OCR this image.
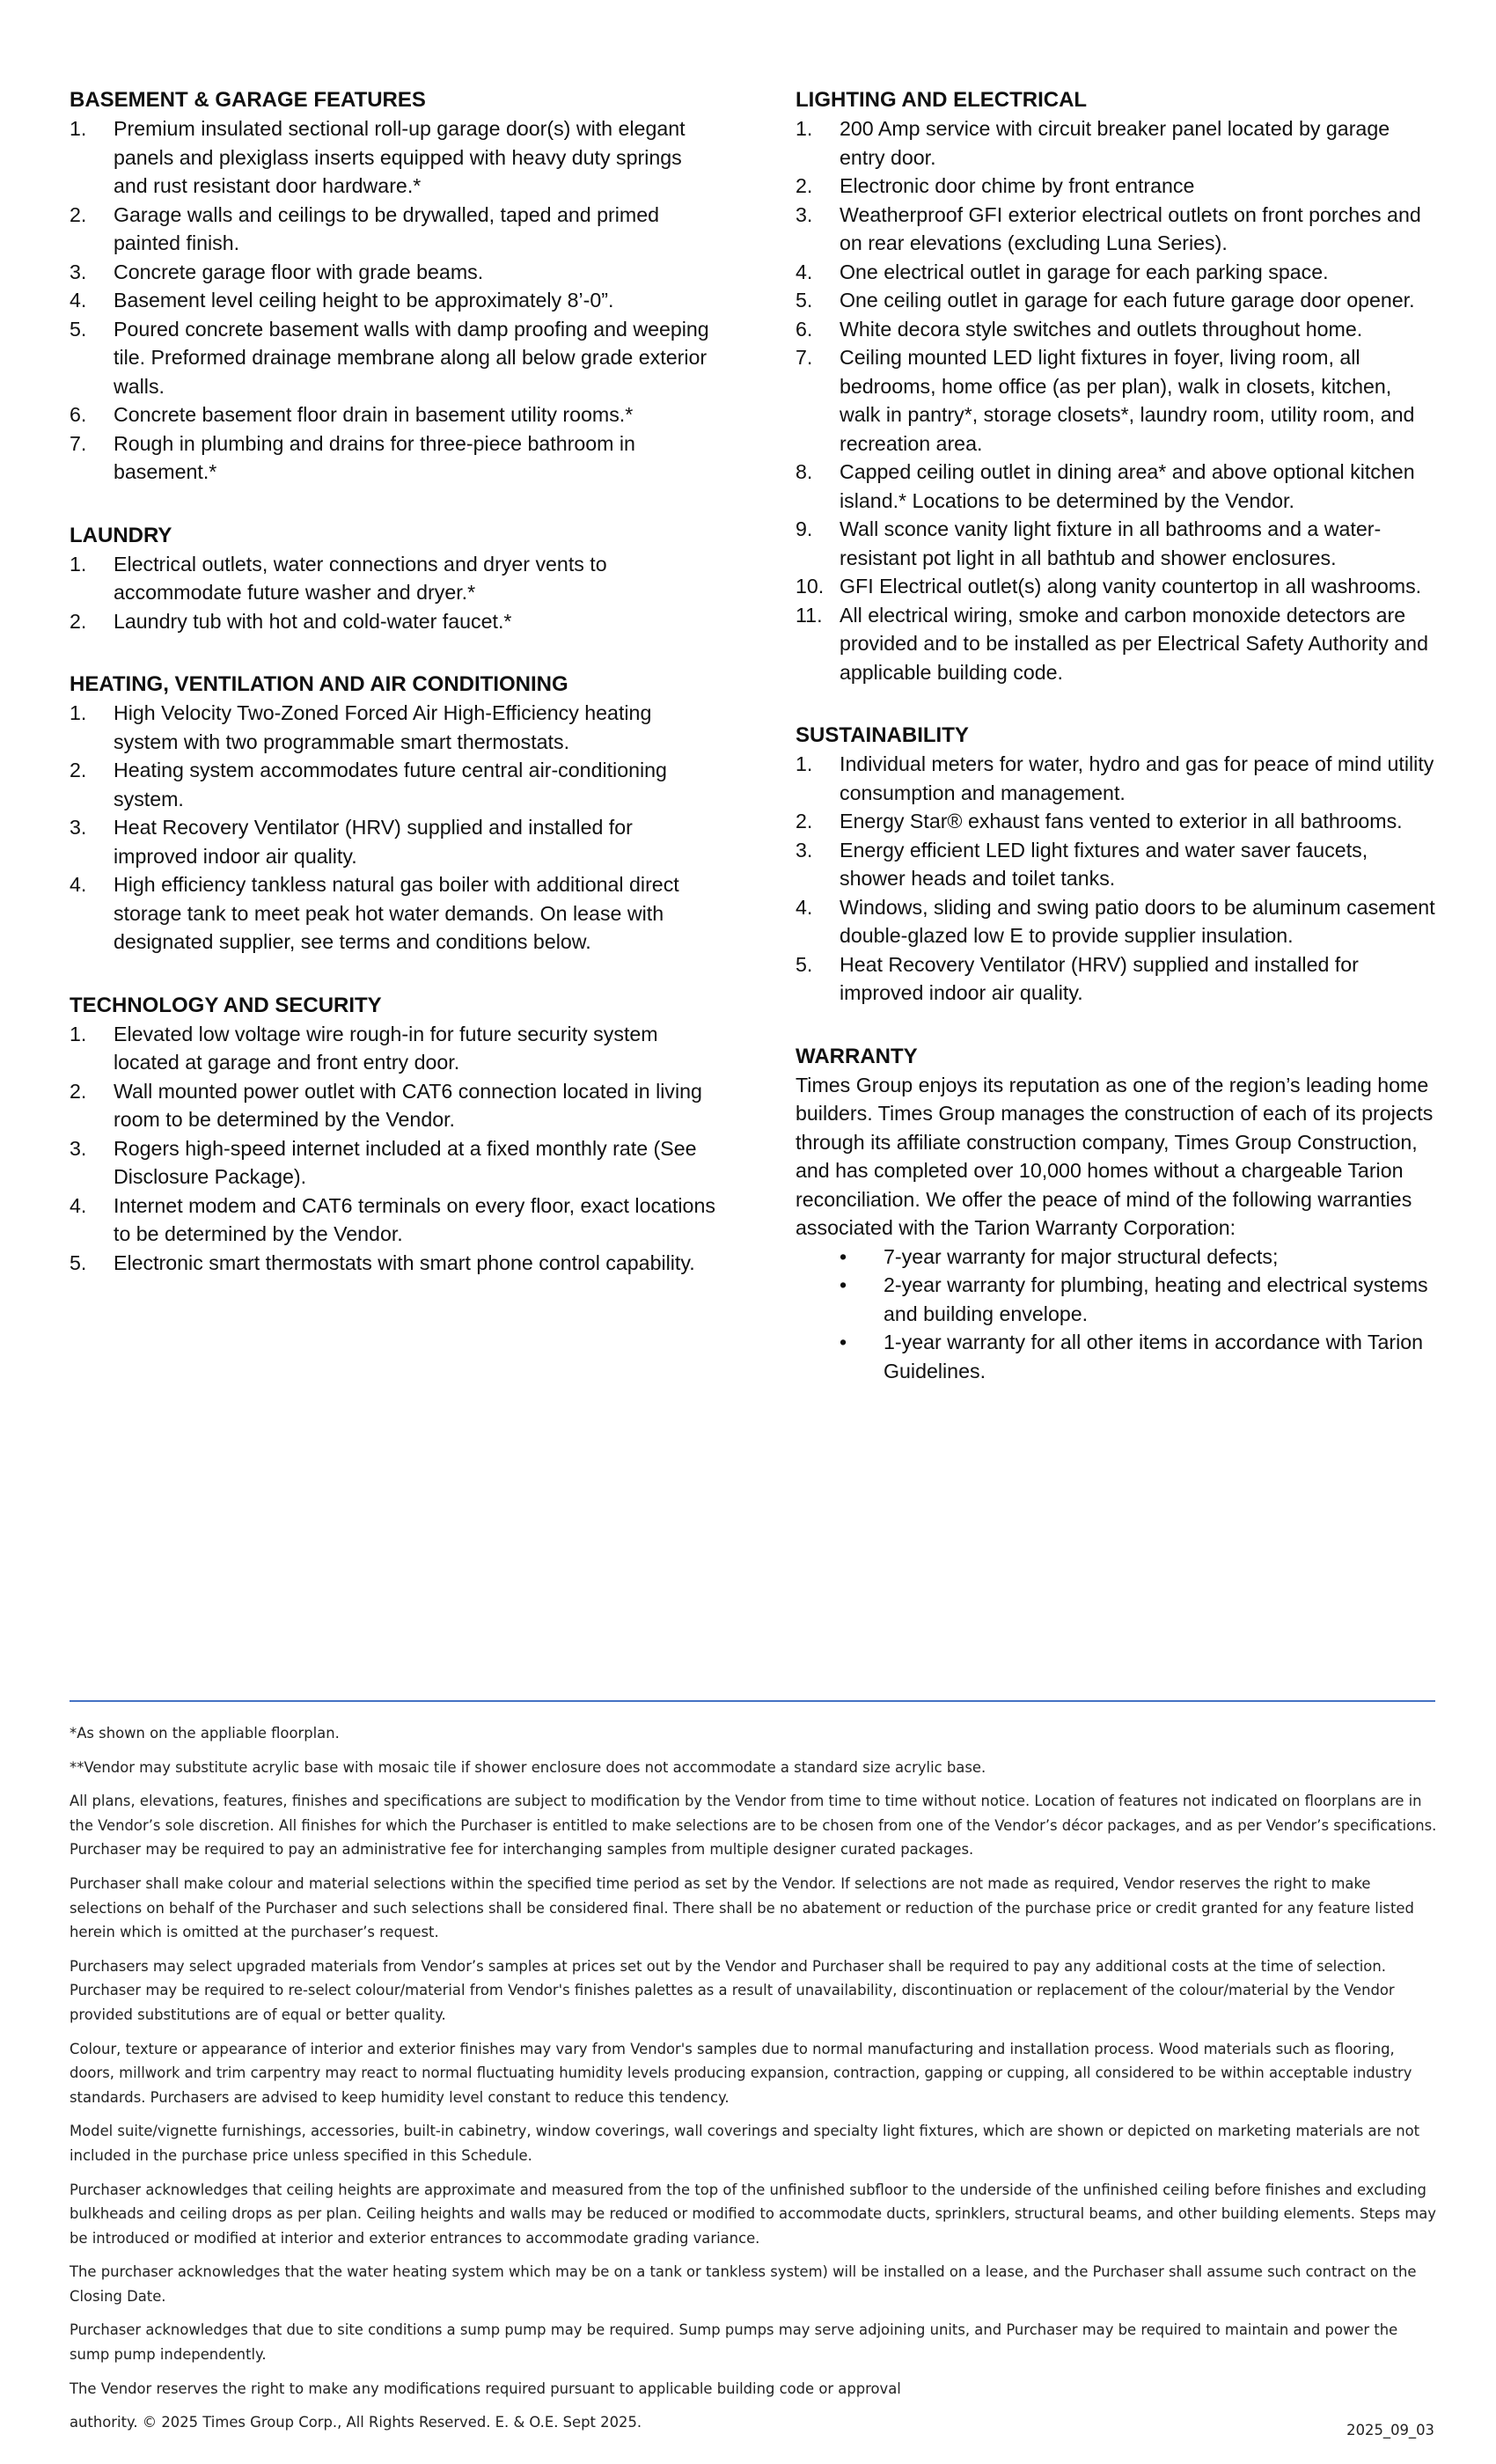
BASEMENT & GARAGE FEATURES
1. Premium insulated sectional roll-up garage door(s) with elegant panels and plexiglass inserts equipped with heavy duty springs and rust resistant door hardware.*
2. Garage walls and ceilings to be drywalled, taped and primed painted finish.
3. Concrete garage floor with grade beams.
4. Basement level ceiling height to be approximately 8’-0”.
5. Poured concrete basement walls with damp proofing and weeping tile. Preformed drainage membrane along all below grade exterior walls.
6. Concrete basement floor drain in basement utility rooms.*
7. Rough in plumbing and drains for three-piece bathroom in basement.*
LAUNDRY
1. Electrical outlets, water connections and dryer vents to accommodate future washer and dryer.*
2. Laundry tub with hot and cold-water faucet.*
HEATING, VENTILATION AND AIR CONDITIONING
1. High Velocity Two-Zoned Forced Air High-Efficiency heating system with two programmable smart thermostats.
2. Heating system accommodates future central air-conditioning system.
3. Heat Recovery Ventilator (HRV) supplied and installed for improved indoor air quality.
4. High efficiency tankless natural gas boiler with additional direct storage tank to meet peak hot water demands. On lease with designated supplier, see terms and conditions below.
TECHNOLOGY AND SECURITY
1. Elevated low voltage wire rough-in for future security system located at garage and front entry door.
2. Wall mounted power outlet with CAT6 connection located in living room to be determined by the Vendor.
3. Rogers high-speed internet included at a fixed monthly rate (See Disclosure Package).
4. Internet modem and CAT6 terminals on every floor, exact locations to be determined by the Vendor.
5. Electronic smart thermostats with smart phone control capability.
LIGHTING AND ELECTRICAL
1. 200 Amp service with circuit breaker panel located by garage entry door.
2. Electronic door chime by front entrance
3. Weatherproof GFI exterior electrical outlets on front porches and on rear elevations (excluding Luna Series).
4. One electrical outlet in garage for each parking space.
5. One ceiling outlet in garage for each future garage door opener.
6. White decora style switches and outlets throughout home.
7. Ceiling mounted LED light fixtures in foyer, living room, all bedrooms, home office (as per plan), walk in closets, kitchen, walk in pantry*, storage closets*, laundry room, utility room, and recreation area.
8. Capped ceiling outlet in dining area* and above optional kitchen island.* Locations to be determined by the Vendor.
9. Wall sconce vanity light fixture in all bathrooms and a water-resistant pot light in all bathtub and shower enclosures.
10. GFI Electrical outlet(s) along vanity countertop in all washrooms.
11. All electrical wiring, smoke and carbon monoxide detectors are provided and to be installed as per Electrical Safety Authority and applicable building code.
SUSTAINABILITY
1. Individual meters for water, hydro and gas for peace of mind utility consumption and management.
2. Energy Star® exhaust fans vented to exterior in all bathrooms.
3. Energy efficient LED light fixtures and water saver faucets, shower heads and toilet tanks.
4. Windows, sliding and swing patio doors to be aluminum casement double-glazed low E to provide supplier insulation.
5. Heat Recovery Ventilator (HRV) supplied and installed for improved indoor air quality.
WARRANTY

Times Group enjoys its reputation as one of the region’s leading home builders. Times Group manages the construction of each of its projects through its affiliate construction company, Times Group Construction, and has completed over 10,000 homes without a chargeable Tarion reconciliation. We offer the peace of mind of the following warranties associated with the Tarion Warranty Corporation:

• 7-year warranty for major structural defects;
• 2-year warranty for plumbing, heating and electrical systems and building envelope.
• 1-year warranty for all other items in accordance with Tarion Guidelines.

*As shown on the appliable floorplan.

**Vendor may substitute acrylic base with mosaic tile if shower enclosure does not accommodate a standard size acrylic base.

All plans, elevations, features, finishes and specifications are subject to modification by the Vendor from time to time without notice. Location of features not indicated on floorplans are in the Vendor’s sole discretion. All finishes for which the Purchaser is entitled to make selections are to be chosen from one of the Vendor’s décor packages, and as per Vendor’s specifications. Purchaser may be required to pay an administrative fee for interchanging samples from multiple designer curated packages.

Purchaser shall make colour and material selections within the specified time period as set by the Vendor. If selections are not made as required, Vendor reserves the right to make selections on behalf of the Purchaser and such selections shall be considered final. There shall be no abatement or reduction of the purchase price or credit granted for any feature listed herein which is omitted at the purchaser’s request.

Purchasers may select upgraded materials from Vendor’s samples at prices set out by the Vendor and Purchaser shall be required to pay any additional costs at the time of selection. Purchaser may be required to re-select colour/material from Vendor's finishes palettes as a result of unavailability, discontinuation or replacement of the colour/material by the Vendor provided substitutions are of equal or better quality.

Colour, texture or appearance of interior and exterior finishes may vary from Vendor's samples due to normal manufacturing and installation process. Wood materials such as flooring, doors, millwork and trim carpentry may react to normal fluctuating humidity levels producing expansion, contraction, gapping or cupping, all considered to be within acceptable industry standards. Purchasers are advised to keep humidity level constant to reduce this tendency.

Model suite/vignette furnishings, accessories, built-in cabinetry, window coverings, wall coverings and specialty light fixtures, which are shown or depicted on marketing materials are not included in the purchase price unless specified in this Schedule.

Purchaser acknowledges that ceiling heights are approximate and measured from the top of the unfinished subfloor to the underside of the unfinished ceiling before finishes and excluding bulkheads and ceiling drops as per plan. Ceiling heights and walls may be reduced or modified to accommodate ducts, sprinklers, structural beams, and other building elements. Steps may be introduced or modified at interior and exterior entrances to accommodate grading variance.

The purchaser acknowledges that the water heating system which may be on a tank or tankless system) will be installed on a lease, and the Purchaser shall assume such contract on the Closing Date.

Purchaser acknowledges that due to site conditions a sump pump may be required. Sump pumps may serve adjoining units, and Purchaser may be required to maintain and power the sump pump independently.

The Vendor reserves the right to make any modifications required pursuant to applicable building code or approval

authority. © 2025 Times Group Corp., All Rights Reserved. E. & O.E. Sept 2025.	2025_09_03
